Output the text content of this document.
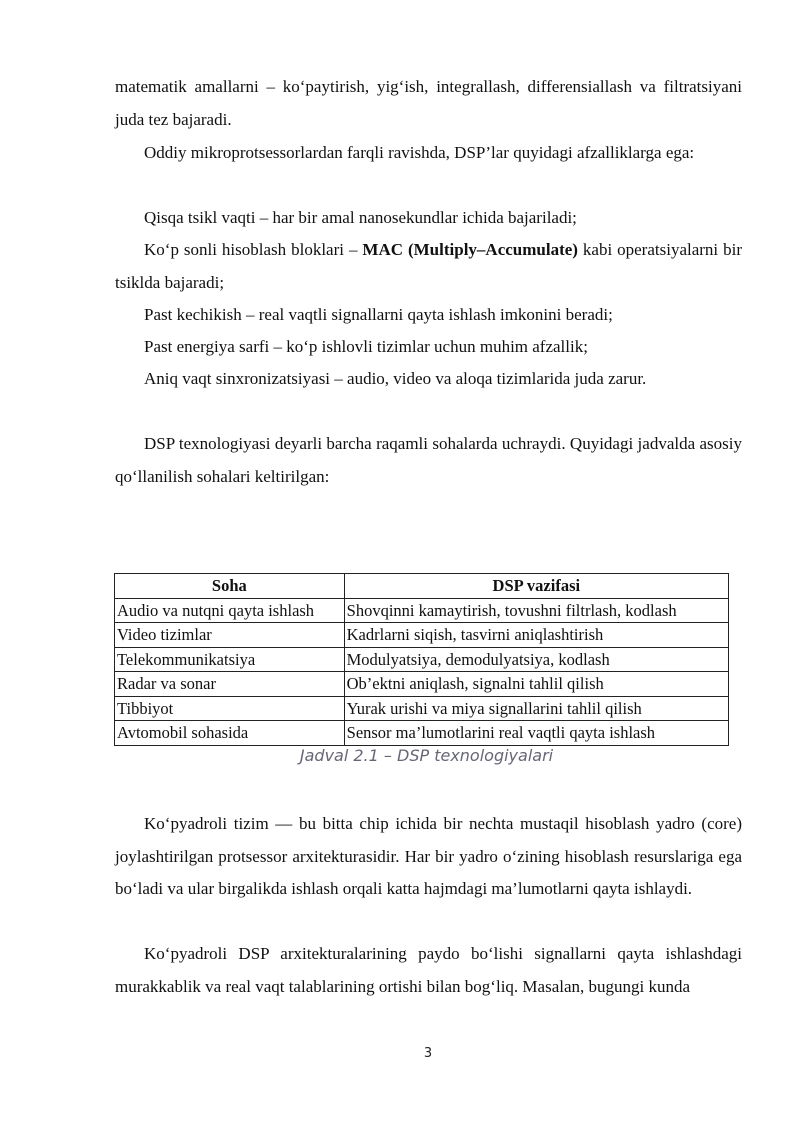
matematik amallarni – ko‘paytirish, yig‘ish, integrallash, differensiallash va filtratsiyani juda tez bajaradi.

Oddiy mikroprotsessorlardan farqli ravishda, DSP’lar quyidagi afzalliklarga ega:

Qisqa tsikl vaqti – har bir amal nanosekundlar ichida bajariladi;

Ko‘p sonli hisoblash bloklari – MAC (Multiply–Accumulate) kabi operatsiyalarni bir tsiklda bajaradi;

Past kechikish – real vaqtli signallarni qayta ishlash imkonini beradi;

Past energiya sarfi – ko‘p ishlovli tizimlar uchun muhim afzallik;

Aniq vaqt sinxronizatsiyasi – audio, video va aloqa tizimlarida juda zarur.

DSP texnologiyasi deyarli barcha raqamli sohalarda uchraydi. Quyidagi jadvalda asosiy qo‘llanilish sohalari keltirilgan:

Soha	DSP vazifasi
Audio va nutqni qayta ishlash	Shovqinni kamaytirish, tovushni filtrlash, kodlash
Video tizimlar	Kadrlarni siqish, tasvirni aniqlashtirish
Telekommunikatsiya	Modulyatsiya, demodulyatsiya, kodlash
Radar va sonar	Ob’ektni aniqlash, signalni tahlil qilish
Tibbiyot	Yurak urishi va miya signallarini tahlil qilish
Avtomobil sohasida	Sensor ma’lumotlarini real vaqtli qayta ishlash
Jadval 2.1 – DSP texnologiyalari

Ko‘pyadroli tizim — bu bitta chip ichida bir nechta mustaqil hisoblash yadro (core) joylashtirilgan protsessor arxitekturasidir. Har bir yadro o‘zining hisoblash resurslariga ega bo‘ladi va ular birgalikda ishlash orqali katta hajmdagi ma’lumotlarni qayta ishlaydi.

Ko‘pyadroli DSP arxitekturalarining paydo bo‘lishi signallarni qayta ishlashdagi murakkablik va real vaqt talablarining ortishi bilan bog‘liq. Masalan, bugungi kunda

3
